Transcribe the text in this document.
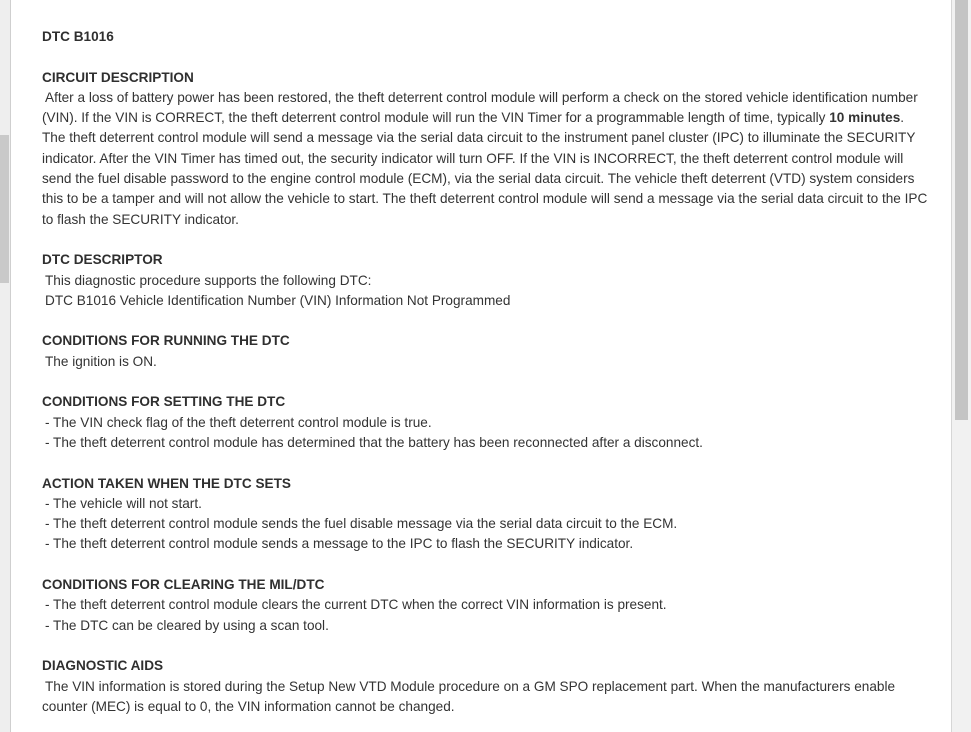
DTC B1016
CIRCUIT DESCRIPTION
After a loss of battery power has been restored, the theft deterrent control module will perform a check on the stored vehicle identification number (VIN). If the VIN is CORRECT, the theft deterrent control module will run the VIN Timer for a programmable length of time, typically 10 minutes. The theft deterrent control module will send a message via the serial data circuit to the instrument panel cluster (IPC) to illuminate the SECURITY indicator. After the VIN Timer has timed out, the security indicator will turn OFF. If the VIN is INCORRECT, the theft deterrent control module will send the fuel disable password to the engine control module (ECM), via the serial data circuit. The vehicle theft deterrent (VTD) system considers this to be a tamper and will not allow the vehicle to start. The theft deterrent control module will send a message via the serial data circuit to the IPC to flash the SECURITY indicator.
DTC DESCRIPTOR
This diagnostic procedure supports the following DTC:
DTC B1016 Vehicle Identification Number (VIN) Information Not Programmed
CONDITIONS FOR RUNNING THE DTC
The ignition is ON.
CONDITIONS FOR SETTING THE DTC
- The VIN check flag of the theft deterrent control module is true.
- The theft deterrent control module has determined that the battery has been reconnected after a disconnect.
ACTION TAKEN WHEN THE DTC SETS
- The vehicle will not start.
- The theft deterrent control module sends the fuel disable message via the serial data circuit to the ECM.
- The theft deterrent control module sends a message to the IPC to flash the SECURITY indicator.
CONDITIONS FOR CLEARING THE MIL/DTC
- The theft deterrent control module clears the current DTC when the correct VIN information is present.
- The DTC can be cleared by using a scan tool.
DIAGNOSTIC AIDS
The VIN information is stored during the Setup New VTD Module procedure on a GM SPO replacement part. When the manufacturers enable counter (MEC) is equal to 0, the VIN information cannot be changed.
